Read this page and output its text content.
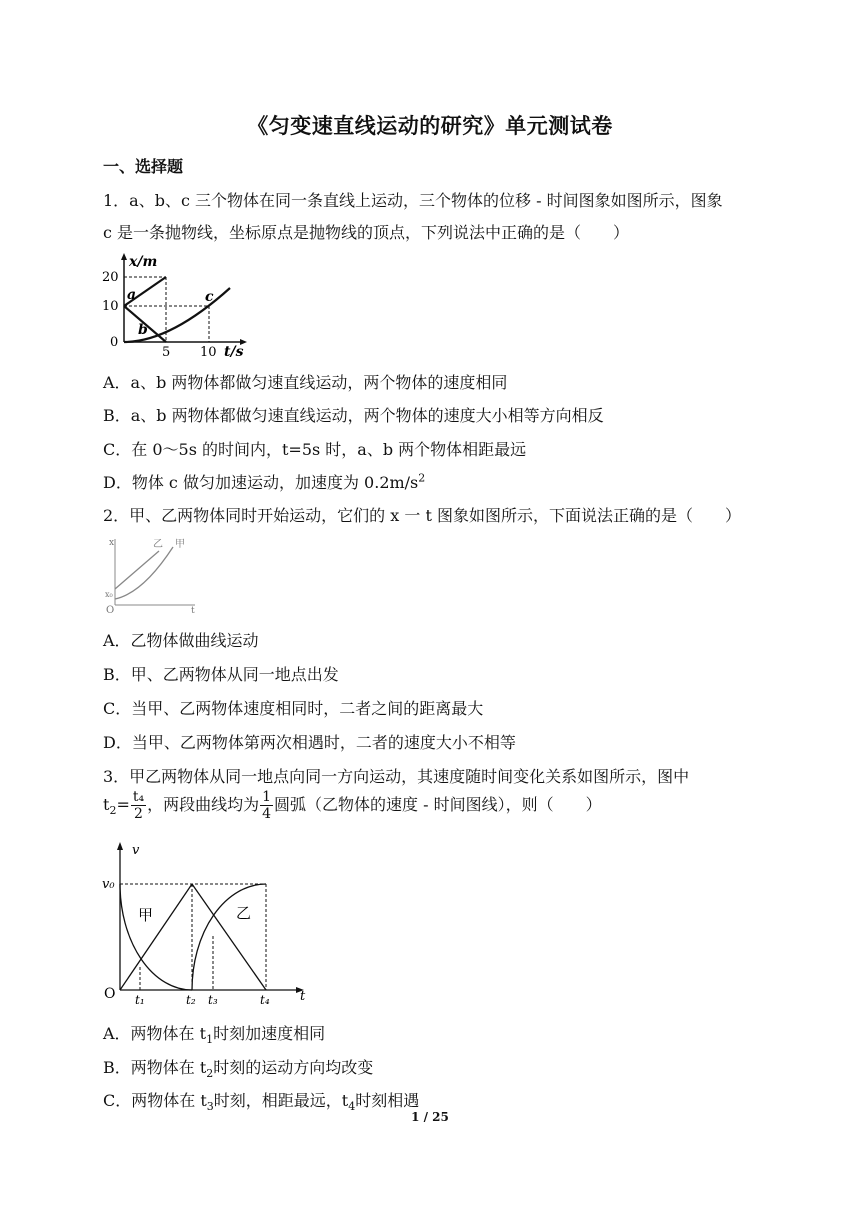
《匀变速直线运动的研究》单元测试卷
一、选择题
1．a、b、c 三个物体在同一条直线上运动，三个物体的位移 - 时间图象如图所示，图象
c 是一条抛物线，坐标原点是抛物线的顶点，下列说法中正确的是（　　）
20
10
0
x/m
5 10 t/s
a
b
c
A．a、b 两物体都做匀速直线运动，两个物体的速度相同
B．a、b 两物体都做匀速直线运动，两个物体的速度大小相等方向相反
C．在 0～5s 的时间内，t=5s 时，a、b 两个物体相距最远
D．物体 c 做匀加速运动，加速度为 $0.2m/s^2$
2．甲、乙两物体同时开始运动，它们的 x 一 t 图象如图所示，下面说法正确的是（　　）
x
O
x₀
t
乙 甲
A．乙物体做曲线运动
B．甲、乙两物体从同一地点出发
C．当甲、乙两物体速度相同时，二者之间的距离最大
D．当甲、乙两物体第两次相遇时，二者的速度大小不相等
3．甲乙两物体从同一地点向同一方向运动，其速度随时间变化关系如图所示，图中
$t_2= \frac{\text{t₄}}{2}$ ，两段曲线均为 $\frac{1}{4}$ 圆弧（乙物体的速度 - 时间图线），则（　　）
v
v₀
O	t
t₁	t₂ t₃	t₄
甲	乙
A．两物体在 $t_1$时刻加速度相同
B．两物体在 $t_2$时刻的运动方向均改变
C．两物体在 $t_3$时刻，相距最远，$t_4$时刻相遇
1 / 25
